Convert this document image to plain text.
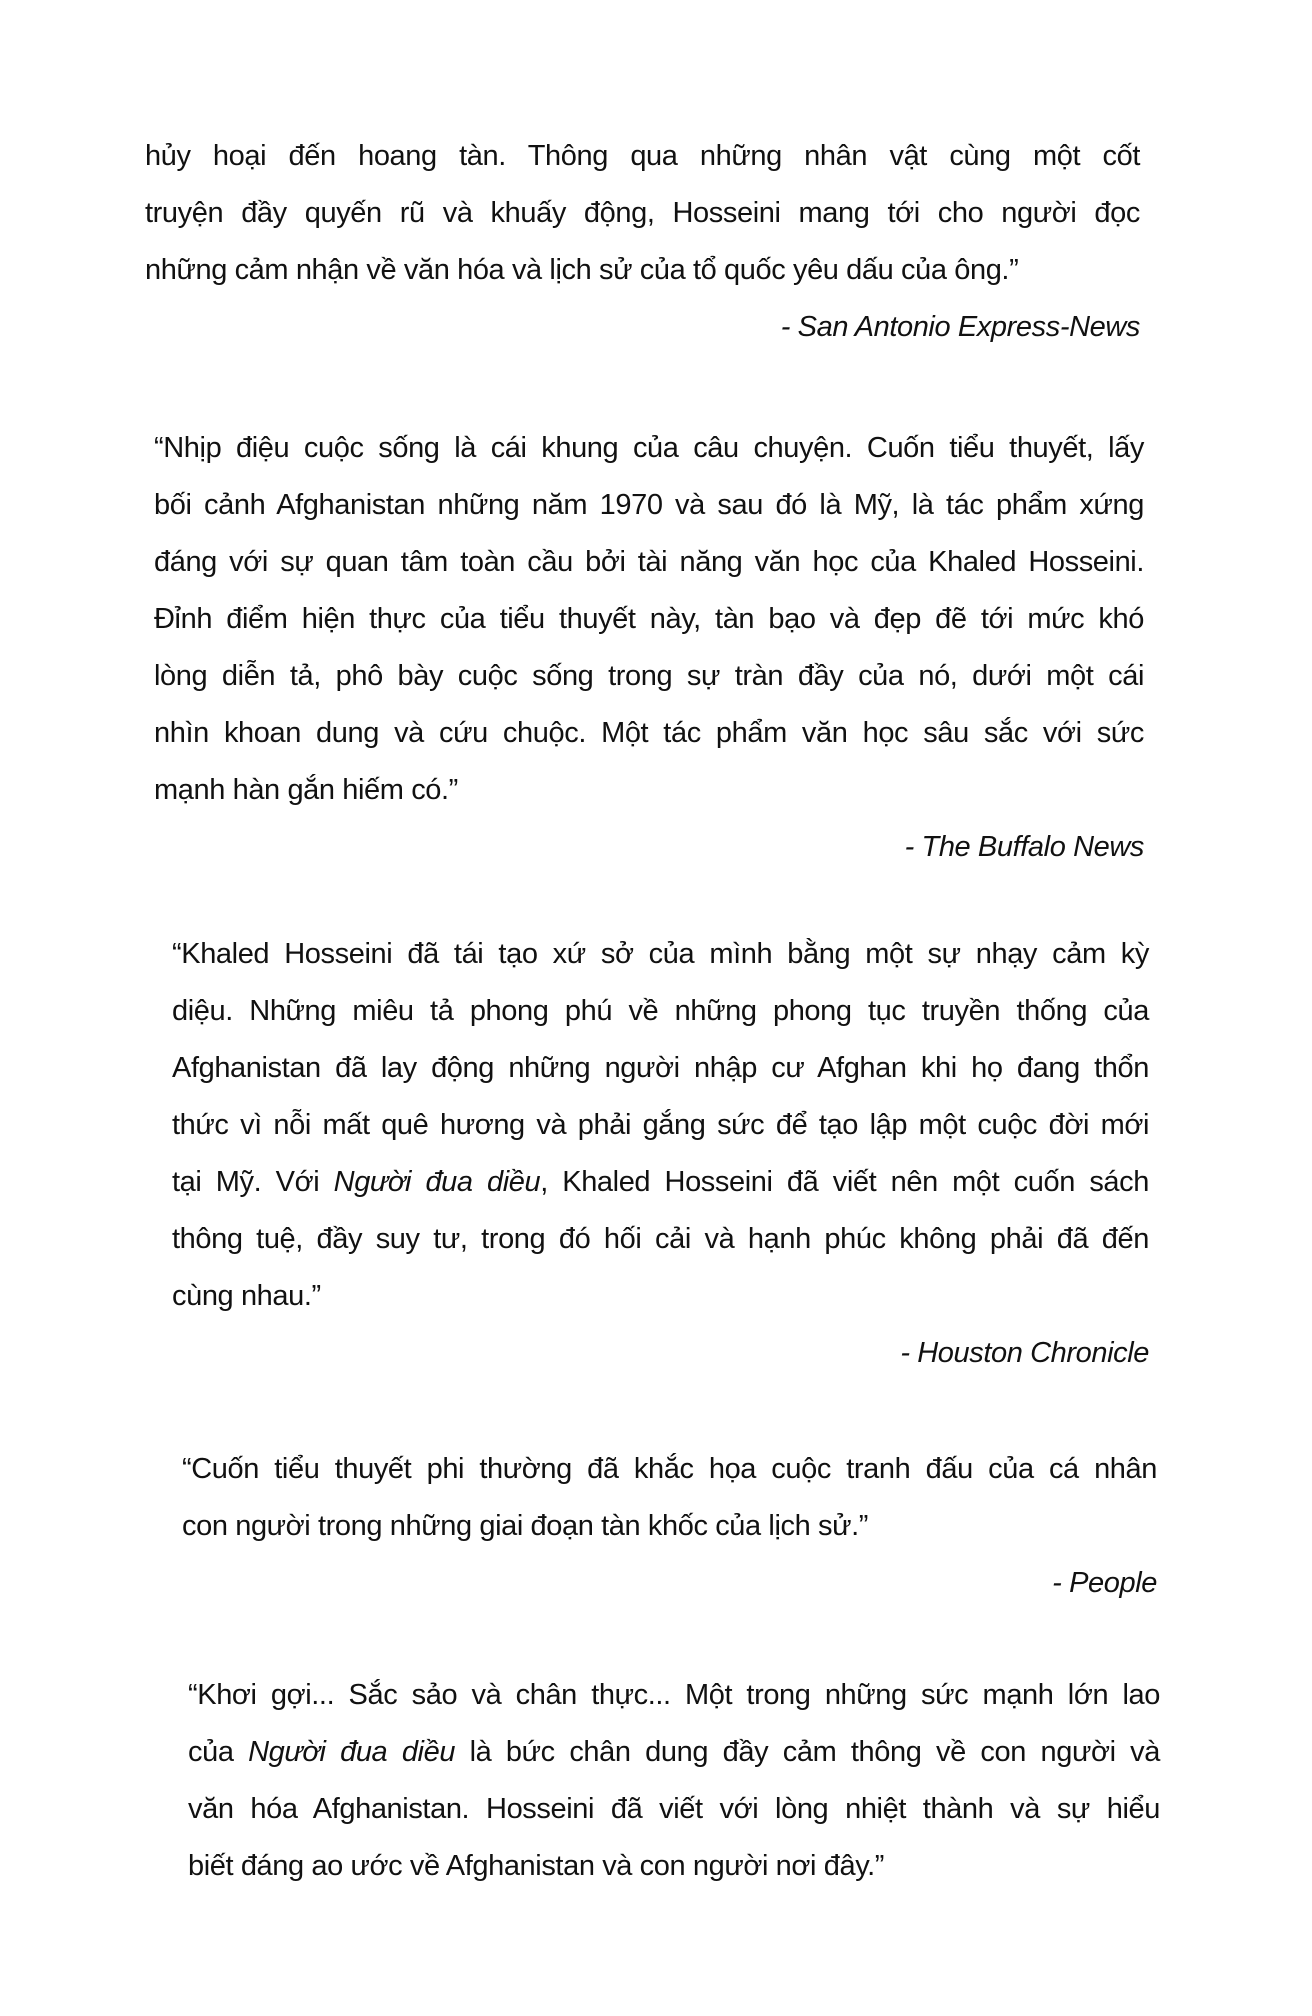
hủy hoại đến hoang tàn. Thông qua những nhân vật cùng một cốt
truyện đầy quyến rũ và khuấy động, Hosseini mang tới cho người đọc
những cảm nhận về văn hóa và lịch sử của tổ quốc yêu dấu của ông.”
- San Antonio Express-News
“Nhịp điệu cuộc sống là cái khung của câu chuyện. Cuốn tiểu thuyết, lấy
bối cảnh Afghanistan những năm 1970 và sau đó là Mỹ, là tác phẩm xứng
đáng với sự quan tâm toàn cầu bởi tài năng văn học của Khaled Hosseini.
Đỉnh điểm hiện thực của tiểu thuyết này, tàn bạo và đẹp đẽ tới mức khó
lòng diễn tả, phô bày cuộc sống trong sự tràn đầy của nó, dưới một cái
nhìn khoan dung và cứu chuộc. Một tác phẩm văn học sâu sắc với sức
mạnh hàn gắn hiếm có.”
- The Buffalo News
“Khaled Hosseini đã tái tạo xứ sở của mình bằng một sự nhạy cảm kỳ
diệu. Những miêu tả phong phú về những phong tục truyền thống của
Afghanistan đã lay động những người nhập cư Afghan khi họ đang thổn
thức vì nỗi mất quê hương và phải gắng sức để tạo lập một cuộc đời mới
tại Mỹ. Với Người đua diều, Khaled Hosseini đã viết nên một cuốn sách
thông tuệ, đầy suy tư, trong đó hối cải và hạnh phúc không phải đã đến
cùng nhau.”
- Houston Chronicle
“Cuốn tiểu thuyết phi thường đã khắc họa cuộc tranh đấu của cá nhân
con người trong những giai đoạn tàn khốc của lịch sử.”
- People
“Khơi gợi... Sắc sảo và chân thực... Một trong những sức mạnh lớn lao
của Người đua diều là bức chân dung đầy cảm thông về con người và
văn hóa Afghanistan. Hosseini đã viết với lòng nhiệt thành và sự hiểu
biết đáng ao ước về Afghanistan và con người nơi đây.”
